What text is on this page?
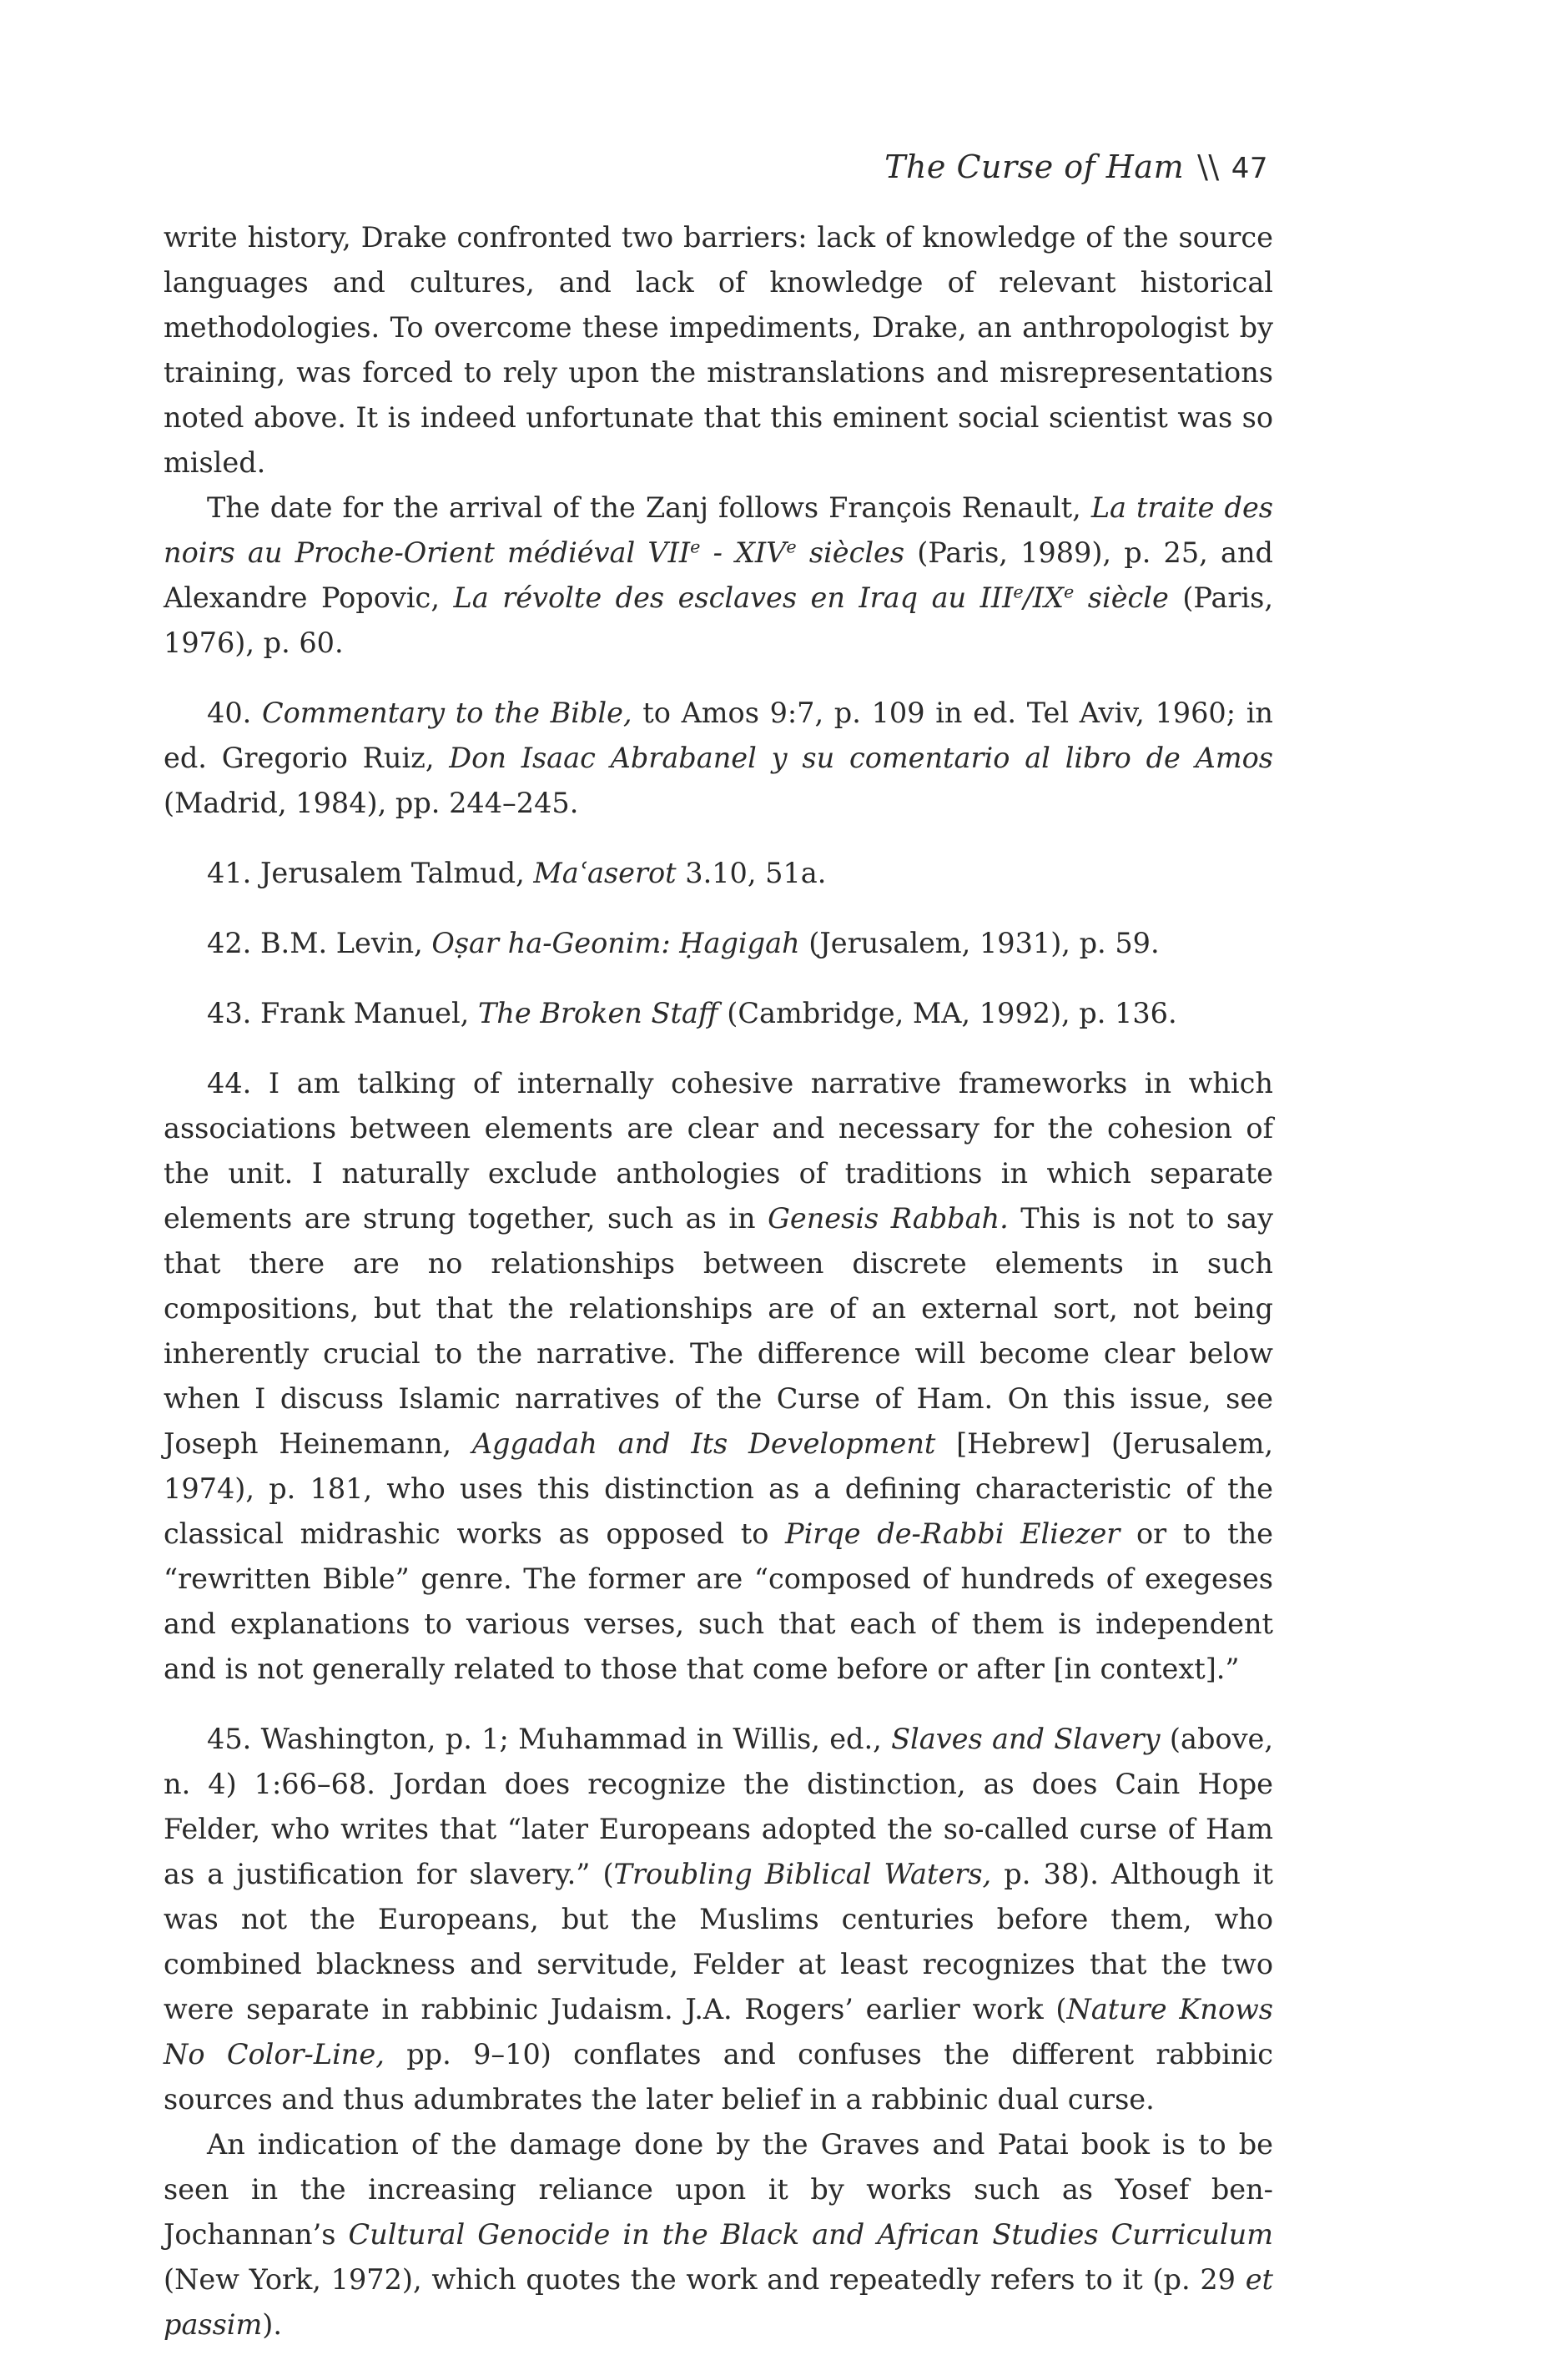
The Curse of Ham \\ 47

write history, Drake confronted two barriers: lack of knowledge of the source languages and cultures, and lack of knowledge of relevant historical methodologies. To overcome these impediments, Drake, an anthropologist by training, was forced to rely upon the mistranslations and misrepresentations noted above. It is indeed unfortunate that this eminent social scientist was so misled.

The date for the arrival of the Zanj follows François Renault, La traite des noirs au Proche-Orient médiéval VIIe - XIVe siècles (Paris, 1989), p. 25, and Alexandre Popovic, La révolte des esclaves en Iraq au IIIe/IXe siècle (Paris, 1976), p. 60.

40. Commentary to the Bible, to Amos 9:7, p. 109 in ed. Tel Aviv, 1960; in ed. Gregorio Ruiz, Don Isaac Abrabanel y su comentario al libro de Amos (Madrid, 1984), pp. 244–245.

41. Jerusalem Talmud, Maʿaserot 3.10, 51a.

42. B.M. Levin, Oṣar ha-Geonim: Ḥagigah (Jerusalem, 1931), p. 59.

43. Frank Manuel, The Broken Staff (Cambridge, MA, 1992), p. 136.

44. I am talking of internally cohesive narrative frameworks in which associations between elements are clear and necessary for the cohesion of the unit. I naturally exclude anthologies of traditions in which separate elements are strung together, such as in Genesis Rabbah. This is not to say that there are no relationships between discrete elements in such compositions, but that the relationships are of an external sort, not being inherently crucial to the narrative. The difference will become clear below when I discuss Islamic narratives of the Curse of Ham. On this issue, see Joseph Heinemann, Aggadah and Its Development [Hebrew] (Jerusalem, 1974), p. 181, who uses this distinction as a defining characteristic of the classical midrashic works as opposed to Pirqe de-Rabbi Eliezer or to the “rewritten Bible” genre. The former are “composed of hundreds of exegeses and explanations to various verses, such that each of them is independent and is not generally related to those that come before or after [in context].”

45. Washington, p. 1; Muhammad in Willis, ed., Slaves and Slavery (above, n. 4) 1:66–68. Jordan does recognize the distinction, as does Cain Hope Felder, who writes that “later Europeans adopted the so-called curse of Ham as a justification for slavery.” (Troubling Biblical Waters, p. 38). Although it was not the Europeans, but the Muslims centuries before them, who combined blackness and servitude, Felder at least recognizes that the two were separate in rabbinic Judaism. J.A. Rogers’ earlier work (Nature Knows No Color-Line, pp. 9–10) conflates and confuses the different rabbinic sources and thus adumbrates the later belief in a rabbinic dual curse.

An indication of the damage done by the Graves and Patai book is to be seen in the increasing reliance upon it by works such as Yosef ben-Jochannan’s Cultural Genocide in the Black and African Studies Curriculum (New York, 1972), which quotes the work and repeatedly refers to it (p. 29 et passim).
